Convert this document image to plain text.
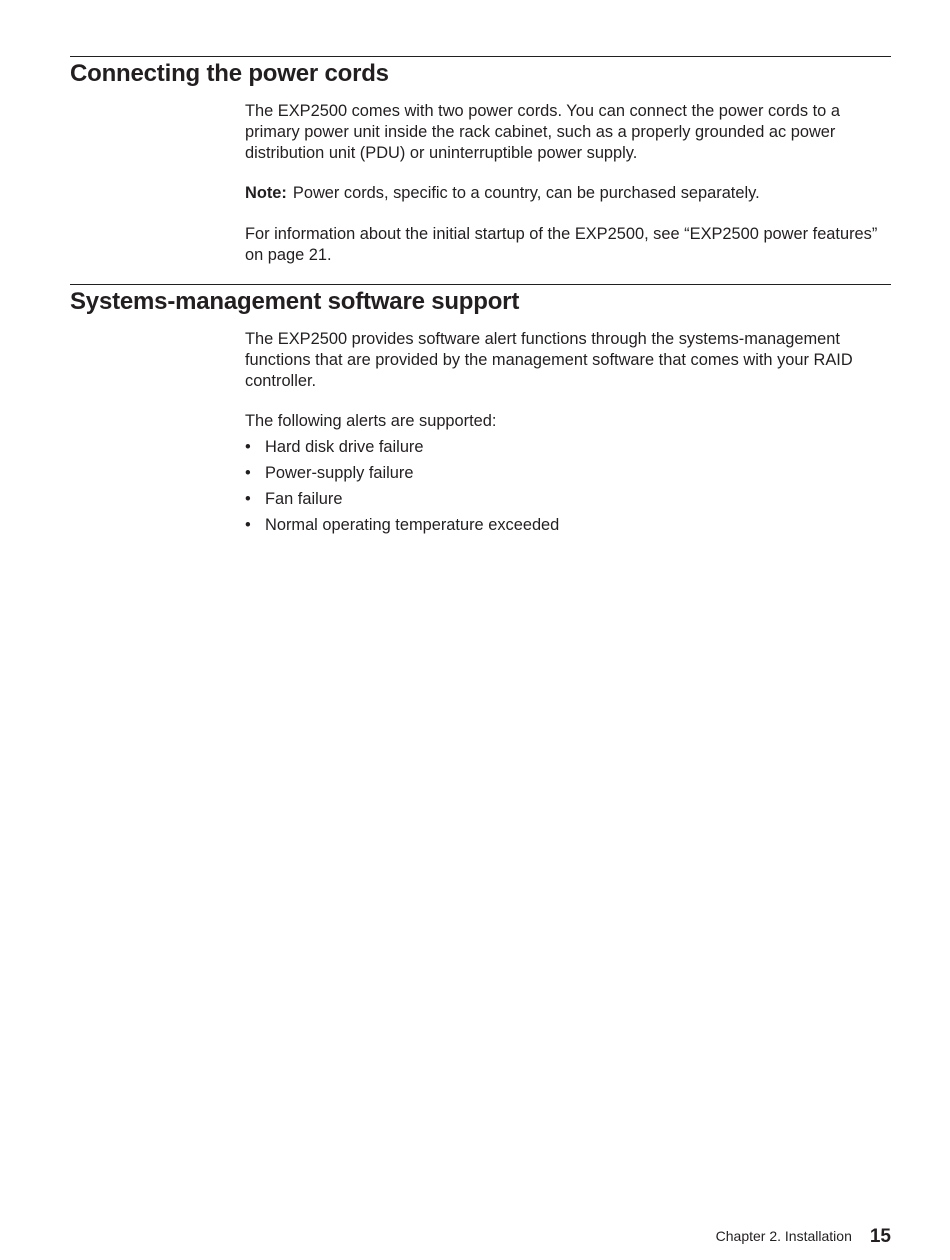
Connecting the power cords

The EXP2500 comes with two power cords. You can connect the power cords to a primary power unit inside the rack cabinet, such as a properly grounded ac power distribution unit (PDU) or uninterruptible power supply.

Note: Power cords, specific to a country, can be purchased separately.

For information about the initial startup of the EXP2500, see “EXP2500 power features” on page 21.

Systems-management software support

The EXP2500 provides software alert functions through the systems-management functions that are provided by the management software that comes with your RAID controller.

The following alerts are supported:

• Hard disk drive failure
• Power-supply failure
• Fan failure
• Normal operating temperature exceeded
Chapter 2. Installation 15
